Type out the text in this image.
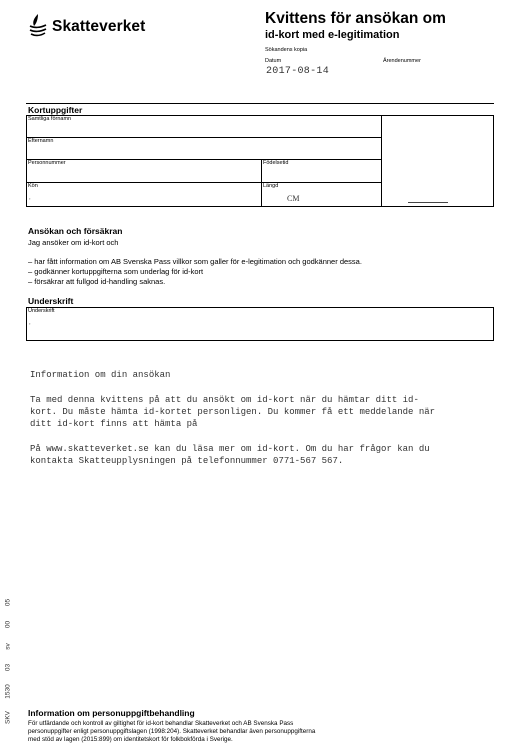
Skatteverket	Kvittens för ansökan om
id-kort med e-legitimation
Sökandens kopia
Datum	Ärendenummer
2017-08-14
Kortuppgifter
Samtliga förnamn
Efternamn
Personnummer	Födelsetid
Kön
,
Längd
CM
Ansökan och försäkran
Jag ansöker om id-kort och
– har fått information om AB Svenska Pass villkor som galler för e-legitimation och godkänner dessa.
– godkänner kortuppgifterna som underlag för id-kort
– försäkrar att fullgod id-handling saknas.
Underskrift
Underskrift
,
Information om din ansökan
Ta med denna kvittens på att du ansökt om id-kort när du hämtar ditt id-
kort. Du måste hämta id-kortet personligen. Du kommer få ett meddelande när
ditt id-kort finns att hämta på
På www.skatteverket.se kan du läsa mer om id-kort. Om du har frågor kan du
kontakta Skatteupplysningen på telefonnummer 0771-567 567.
SKV
1530
03
sv
00
05
Information om personuppgiftbehandling
För utfärdande och kontroll av giltighet för id-kort behandlar Skatteverket och AB Svenska Pass
personuppgifter enligt personuppgiftslagen (1998:204). Skatteverket behandlar även personuppgifterna
med stöd av lagen (2015:899) om identitetskort för folkbokförda i Sverige.
